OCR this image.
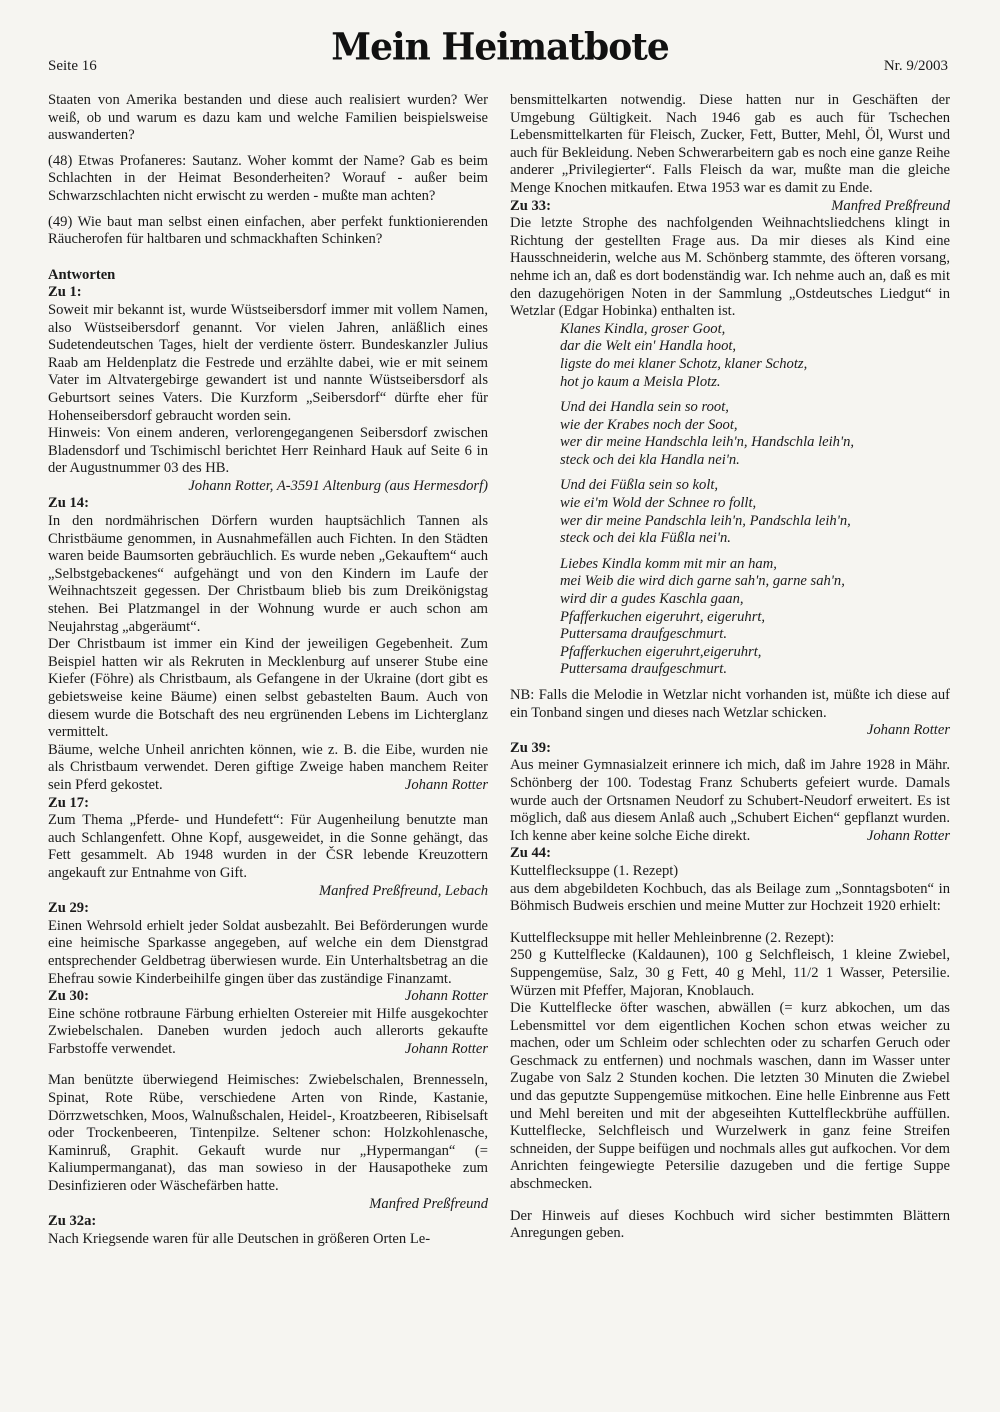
Seite 16	Mein Heimatbote	Nr. 9/2003

Staaten von Amerika bestanden und diese auch realisiert wurden? Wer weiß, ob und warum es dazu kam und welche Familien beispielsweise auswanderten?

(48) Etwas Profaneres: Sautanz. Woher kommt der Name? Gab es beim Schlachten in der Heimat Besonderheiten? Worauf - außer beim Schwarzschlachten nicht erwischt zu werden - mußte man achten?

(49) Wie baut man selbst einen einfachen, aber perfekt funktionierenden Räucherofen für haltbaren und schmackhaften Schinken?

Antworten

Zu 1:

Soweit mir bekannt ist, wurde Wüstseibersdorf immer mit vollem Namen, also Wüstseibersdorf genannt. Vor vielen Jahren, anläßlich eines Sudetendeutschen Tages, hielt der verdiente österr. Bundeskanzler Julius Raab am Heldenplatz die Festrede und erzählte dabei, wie er mit seinem Vater im Altvatergebirge gewandert ist und nannte Wüstseibersdorf als Geburtsort seines Vaters. Die Kurzform „Seibersdorf“ dürfte eher für Hohenseibersdorf gebraucht worden sein.

Hinweis: Von einem anderen, verlorengegangenen Seibersdorf zwischen Bladensdorf und Tschimischl berichtet Herr Reinhard Hauk auf Seite 6 in der Augustnummer 03 des HB.

Johann Rotter, A-3591 Altenburg (aus Hermesdorf)

Zu 14:

In den nordmährischen Dörfern wurden hauptsächlich Tannen als Christbäume genommen, in Ausnahmefällen auch Fichten. In den Städten waren beide Baumsorten gebräuchlich. Es wurde neben „Gekauftem“ auch „Selbstgebackenes“ aufgehängt und von den Kindern im Laufe der Weihnachtszeit gegessen. Der Christbaum blieb bis zum Dreikönigstag stehen. Bei Platzmangel in der Wohnung wurde er auch schon am Neujahrstag „abgeräumt“.

Der Christbaum ist immer ein Kind der jeweiligen Gegebenheit. Zum Beispiel hatten wir als Rekruten in Mecklenburg auf unserer Stube eine Kiefer (Föhre) als Christbaum, als Gefangene in der Ukraine (dort gibt es gebietsweise keine Bäume) einen selbst gebastelten Baum. Auch von diesem wurde die Botschaft des neu ergrünenden Lebens im Lichterglanz vermittelt.

Bäume, welche Unheil anrichten können, wie z. B. die Eibe, wurden nie als Christbaum verwendet. Deren giftige Zweige haben manchem Reiter sein Pferd gekostet.	Johann Rotter

Zu 17:

Zum Thema „Pferde- und Hundefett“: Für Augenheilung benutzte man auch Schlangenfett. Ohne Kopf, ausgeweidet, in die Sonne gehängt, das Fett gesammelt. Ab 1948 wurden in der ČSR lebende Kreuzottern angekauft zur Entnahme von Gift.

Manfred Preßfreund, Lebach

Zu 29:

Einen Wehrsold erhielt jeder Soldat ausbezahlt. Bei Beförderungen wurde eine heimische Sparkasse angegeben, auf welche ein dem Dienstgrad entsprechender Geldbetrag überwiesen wurde. Ein Unterhaltsbetrag an die Ehefrau sowie Kinderbeihilfe gingen über das zuständige Finanzamt.
Johann Rotter

Zu 30:

Eine schöne rotbraune Färbung erhielten Ostereier mit Hilfe ausgekochter Zwiebelschalen. Daneben wurden jedoch auch allerorts gekaufte Farbstoffe verwendet.	Johann Rotter

Man benützte überwiegend Heimisches: Zwiebelschalen, Brennesseln, Spinat, Rote Rübe, verschiedene Arten von Rinde, Kastanie, Dörrzwetschken, Moos, Walnußschalen, Heidel-, Kroatzbeeren, Ribiselsaft oder Trockenbeeren, Tintenpilze. Seltener schon: Holzkohlenasche, Kaminruß, Graphit. Gekauft wurde nur „Hypermangan“ (= Kaliumpermanganat), das man sowieso in der Hausapotheke zum Desinfizieren oder Wäschefärben hatte.

Manfred Preßfreund

Zu 32a:

Nach Kriegsende waren für alle Deutschen in größeren Orten Le-

bensmittelkarten notwendig. Diese hatten nur in Geschäften der Umgebung Gültigkeit. Nach 1946 gab es auch für Tschechen Lebensmittelkarten für Fleisch, Zucker, Fett, Butter, Mehl, Öl, Wurst und auch für Bekleidung. Neben Schwerarbeitern gab es noch eine ganze Reihe anderer „Privilegierter“. Falls Fleisch da war, mußte man die gleiche Menge Knochen mitkaufen. Etwa 1953 war es damit zu Ende.
Manfred Preßfreund

Zu 33:

Die letzte Strophe des nachfolgenden Weihnachtsliedchens klingt in Richtung der gestellten Frage aus. Da mir dieses als Kind eine Hausschneiderin, welche aus M. Schönberg stammte, des öfteren vorsang, nehme ich an, daß es dort bodenständig war. Ich nehme auch an, daß es mit den dazugehörigen Noten in der Sammlung „Ostdeutsches Liedgut“ in Wetzlar (Edgar Hobinka) enthalten ist.

Klanes Kindla, groser Goot,
dar die Welt ein' Handla hoot,
ligste do mei klaner Schotz, klaner Schotz,
hot jo kaum a Meisla Plotz.
Und dei Handla sein so root,
wie der Krabes noch der Soot,
wer dir meine Handschla leih'n, Handschla leih'n,
steck och dei kla Handla nei'n.
Und dei Füßla sein so kolt,
wie ei'm Wold der Schnee ro follt,
wer dir meine Pandschla leih'n, Pandschla leih'n,
steck och dei kla Füßla nei'n.
Liebes Kindla komm mit mir an ham,
mei Weib die wird dich garne sah'n, garne sah'n,
wird dir a gudes Kaschla gaan,
Pfafferkuchen eigeruhrt, eigeruhrt,
Puttersama draufgeschmurt.
Pfafferkuchen eigeruhrt,eigeruhrt,
Puttersama draufgeschmurt.

NB: Falls die Melodie in Wetzlar nicht vorhanden ist, müßte ich diese auf ein Tonband singen und dieses nach Wetzlar schicken.

Johann Rotter

Zu 39:

Aus meiner Gymnasialzeit erinnere ich mich, daß im Jahre 1928 in Mähr. Schönberg der 100. Todestag Franz Schuberts gefeiert wurde. Damals wurde auch der Ortsnamen Neudorf zu Schubert-Neudorf erweitert. Es ist möglich, daß aus diesem Anlaß auch „Schubert Eichen“ gepflanzt wurden. Ich kenne aber keine solche Eiche direkt.	Johann Rotter

Zu 44:

Kuttelflecksuppe (1. Rezept)

aus dem abgebildeten Kochbuch, das als Beilage zum „Sonntagsboten“ in Böhmisch Budweis erschien und meine Mutter zur Hochzeit 1920 erhielt:

Kuttelflecksuppe mit heller Mehleinbrenne (2. Rezept):

250 g Kuttelflecke (Kaldaunen), 100 g Selchfleisch, 1 kleine Zwiebel, Suppengemüse, Salz, 30 g Fett, 40 g Mehl, 11/2 1 Wasser, Petersilie. Würzen mit Pfeffer, Majoran, Knoblauch.

Die Kuttelflecke öfter waschen, abwällen (= kurz abkochen, um das Lebensmittel vor dem eigentlichen Kochen schon etwas weicher zu machen, oder um Schleim oder schlechten oder zu scharfen Geruch oder Geschmack zu entfernen) und nochmals waschen, dann im Wasser unter Zugabe von Salz 2 Stunden kochen. Die letzten 30 Minuten die Zwiebel und das geputzte Suppengemüse mitkochen. Eine helle Einbrenne aus Fett und Mehl bereiten und mit der abgeseihten Kuttelfleckbrühe auffüllen. Kuttelflecke, Selchfleisch und Wurzelwerk in ganz feine Streifen schneiden, der Suppe beifügen und nochmals alles gut aufkochen. Vor dem Anrichten feingewiegte Petersilie dazugeben und die fertige Suppe abschmecken.

Der Hinweis auf dieses Kochbuch wird sicher bestimmten Blättern Anregungen geben.
